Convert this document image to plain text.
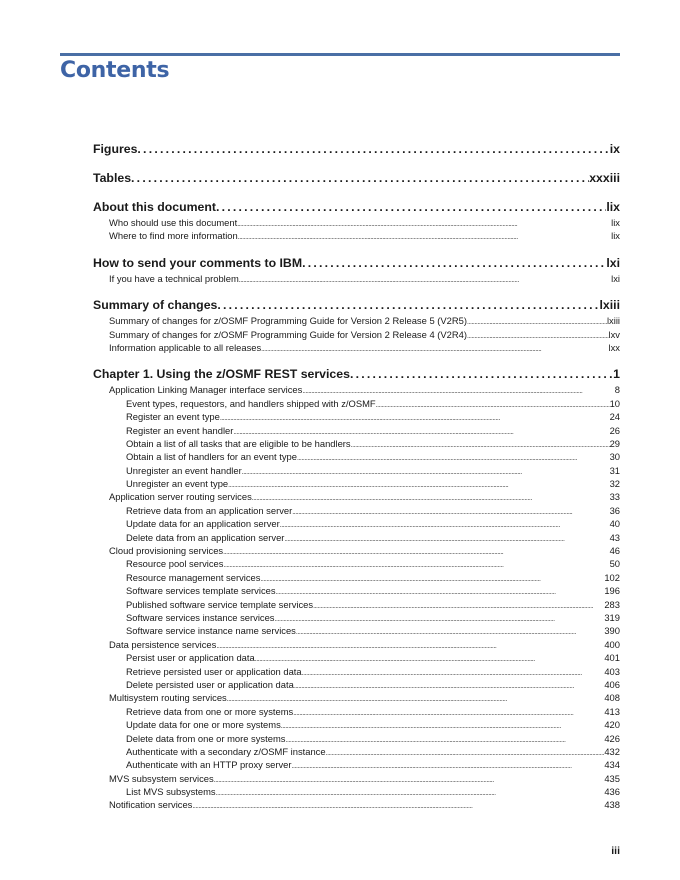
Contents
Figures . . .	ix
Tables . . .	xxxiii
About this document . . .	lix
Who should use this document . . .	lix
Where to find more information . . .	lix
How to send your comments to IBM . . .	lxi
If you have a technical problem . . .	lxi
Summary of changes . . .	lxiii
Summary of changes for z/OSMF Programming Guide for Version 2 Release 5 (V2R5) . . .	lxiii
Summary of changes for z/OSMF Programming Guide for Version 2 Release 4 (V2R4) . . .	lxv
Information applicable to all releases . . .	lxx
Chapter 1. Using the z/OSMF REST services . . .	1
Application Linking Manager interface services . . .	8
Event types, requestors, and handlers shipped with z/OSMF . . .	10
Register an event type . . .	24
Register an event handler . . .	26
Obtain a list of all tasks that are eligible to be handlers . . .	29
Obtain a list of handlers for an event type . . .	30
Unregister an event handler . . .	31
Unregister an event type . . .	32
Application server routing services . . .	33
Retrieve data from an application server . . .	36
Update data for an application server . . .	40
Delete data from an application server . . .	43
Cloud provisioning services . . .	46
Resource pool services . . .	50
Resource management services . . .	102
Software services template services . . .	196
Published software service template services . . .	283
Software services instance services . . .	319
Software service instance name services . . .	390
Data persistence services . . .	400
Persist user or application data . . .	401
Retrieve persisted user or application data . . .	403
Delete persisted user or application data . . .	406
Multisystem routing services . . .	408
Retrieve data from one or more systems . . .	413
Update data for one or more systems . . .	420
Delete data from one or more systems . . .	426
Authenticate with a secondary z/OSMF instance . . .	432
Authenticate with an HTTP proxy server . . .	434
MVS subsystem services . . .	435
List MVS subsystems . . .	436
Notification services . . .	438
iii
